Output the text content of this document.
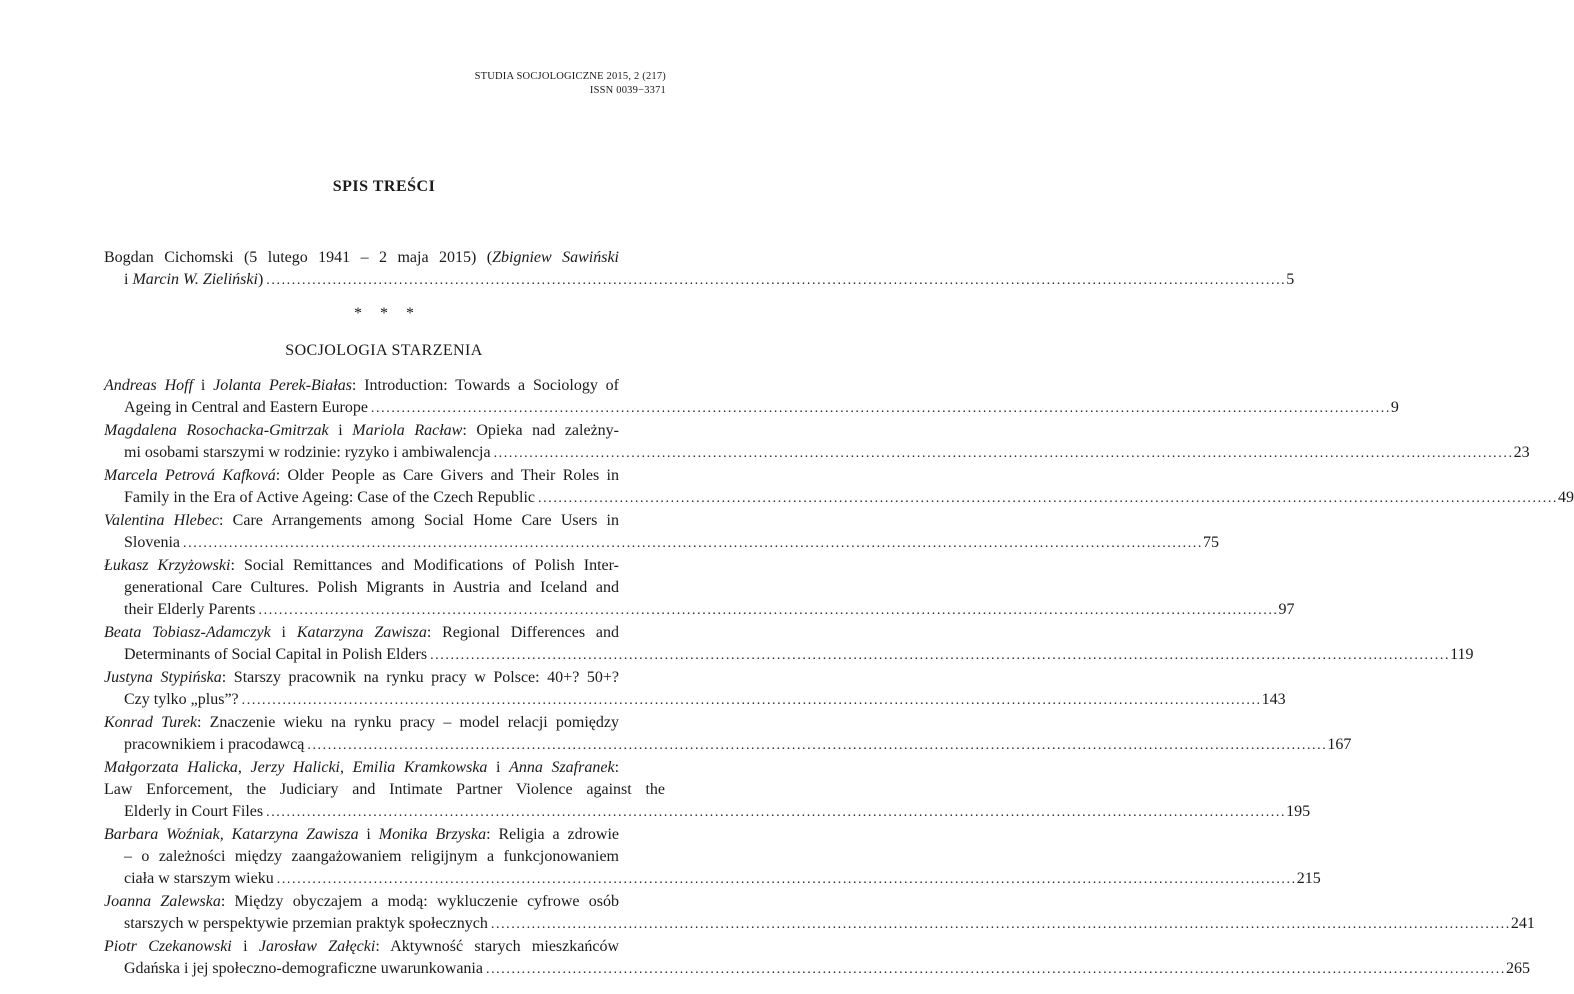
STUDIA SOCJOLOGICZNE 2015, 2 (217)
ISSN 0039−3371
SPIS TREŚCI
Bogdan Cichomski (5 lutego 1941 – 2 maja 2015) (Zbigniew Sawiński
i Marcin W. Zieliński) ........................................................................................................................................................................................................ 5
* * *
SOCJOLOGIA STARZENIA
Andreas Hoff i Jolanta Perek-Białas: Introduction: Towards a Sociology of
Ageing in Central and Eastern Europe ........................................................................................................................................................................................................ 9
Magdalena Rosochacka-Gmitrzak i Mariola Racław: Opieka nad zależny-
mi osobami starszymi w rodzinie: ryzyko i ambiwalencja ........................................................................................................................................................................................................ 23
Marcela Petrová Kafková: Older People as Care Givers and Their Roles in
Family in the Era of Active Ageing: Case of the Czech Republic ........................................................................................................................................................................................................ 49
Valentina Hlebec: Care Arrangements among Social Home Care Users in
Slovenia ........................................................................................................................................................................................................ 75
Łukasz Krzyżowski: Social Remittances and Modifications of Polish Inter-
generational Care Cultures. Polish Migrants in Austria and Iceland and
their Elderly Parents ........................................................................................................................................................................................................ 97
Beata Tobiasz-Adamczyk i Katarzyna Zawisza: Regional Differences and
Determinants of Social Capital in Polish Elders ........................................................................................................................................................................................................ 119
Justyna Stypińska: Starszy pracownik na rynku pracy w Polsce: 40+? 50+?
Czy tylko „plus”? ........................................................................................................................................................................................................ 143
Konrad Turek: Znaczenie wieku na rynku pracy – model relacji pomiędzy
pracownikiem i pracodawcą ........................................................................................................................................................................................................ 167
Małgorzata Halicka, Jerzy Halicki, Emilia Kramkowska i Anna Szafranek:
Law Enforcement, the Judiciary and Intimate Partner Violence against the
Elderly in Court Files ........................................................................................................................................................................................................ 195
Barbara Woźniak, Katarzyna Zawisza i Monika Brzyska: Religia a zdrowie
– o zależności między zaangażowaniem religijnym a funkcjonowaniem
ciała w starszym wieku ........................................................................................................................................................................................................ 215
Joanna Zalewska: Między obyczajem a modą: wykluczenie cyfrowe osób
starszych w perspektywie przemian praktyk społecznych ........................................................................................................................................................................................................ 241
Piotr Czekanowski i Jarosław Załęcki: Aktywność starych mieszkańców
Gdańska i jej społeczno-demograficzne uwarunkowania ........................................................................................................................................................................................................ 265
